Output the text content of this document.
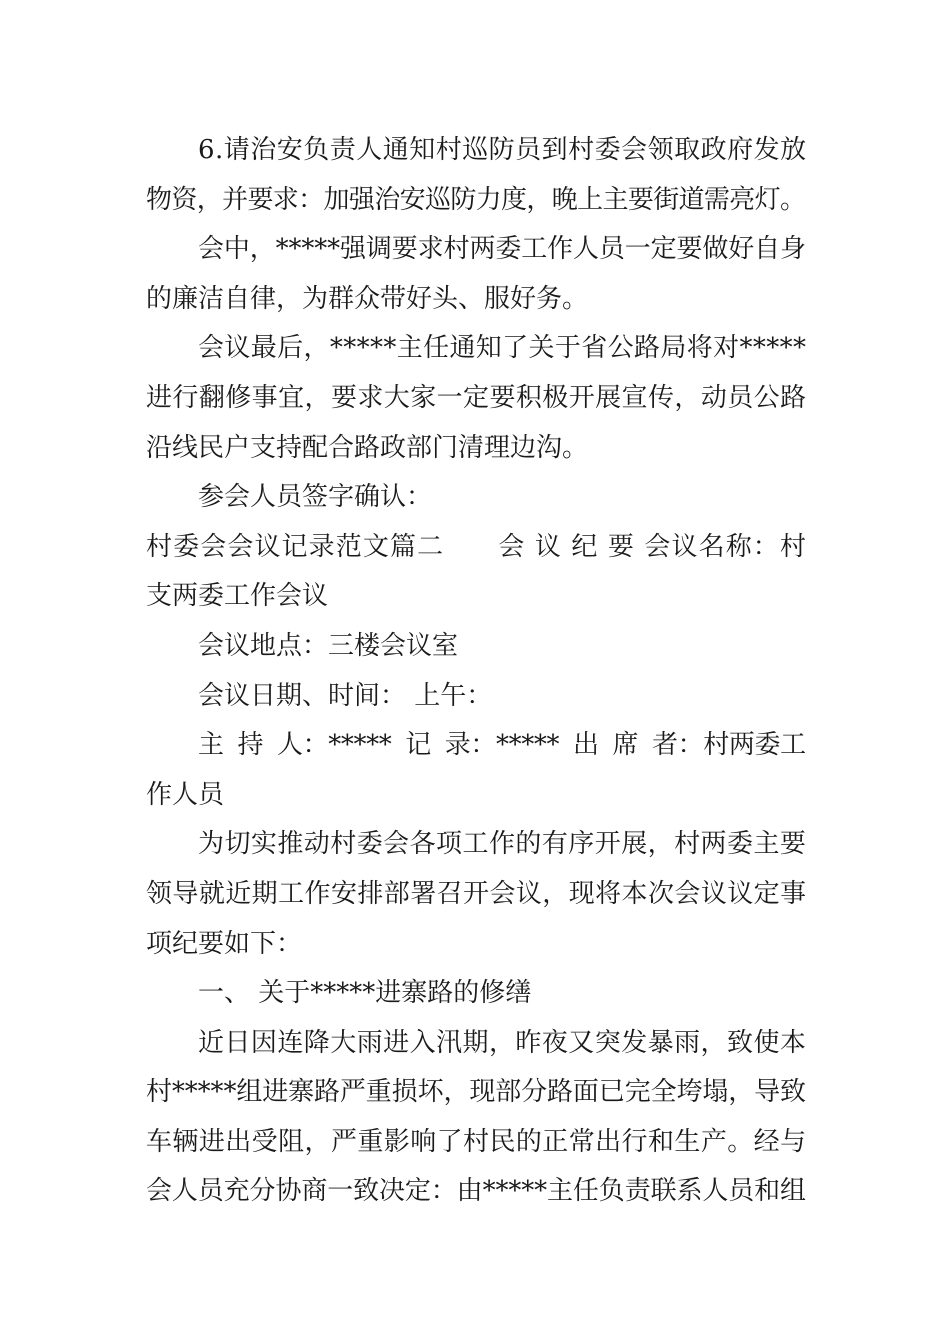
6.请治安负责人通知村巡防员到村委会领取政府发放
物资，并要求：加强治安巡防力度，晚上主要街道需亮灯。
会中，*****强调要求村两委工作人员一定要做好自身
的廉洁自律，为群众带好头、服好务。
会议最后，*****主任通知了关于省公路局将对*****
进行翻修事宜，要求大家一定要积极开展宣传，动员公路
沿线民户支持配合路政部门清理边沟。
参会人员签字确认：
村委会会议记录范文篇二　　会 议 纪 要 会议名称：村
支两委工作会议
会议地点：三楼会议室
会议日期、时间： 上午：
主 持 人：***** 记 录：***** 出 席 者：村两委工
作人员
为切实推动村委会各项工作的有序开展，村两委主要
领导就近期工作安排部署召开会议，现将本次会议议定事
项纪要如下：
一、 关于*****进寨路的修缮
近日因连降大雨进入汛期，昨夜又突发暴雨，致使本
村*****组进寨路严重损坏，现部分路面已完全垮塌，导致
车辆进出受阻，严重影响了村民的正常出行和生产。经与
会人员充分协商一致决定：由*****主任负责联系人员和组
